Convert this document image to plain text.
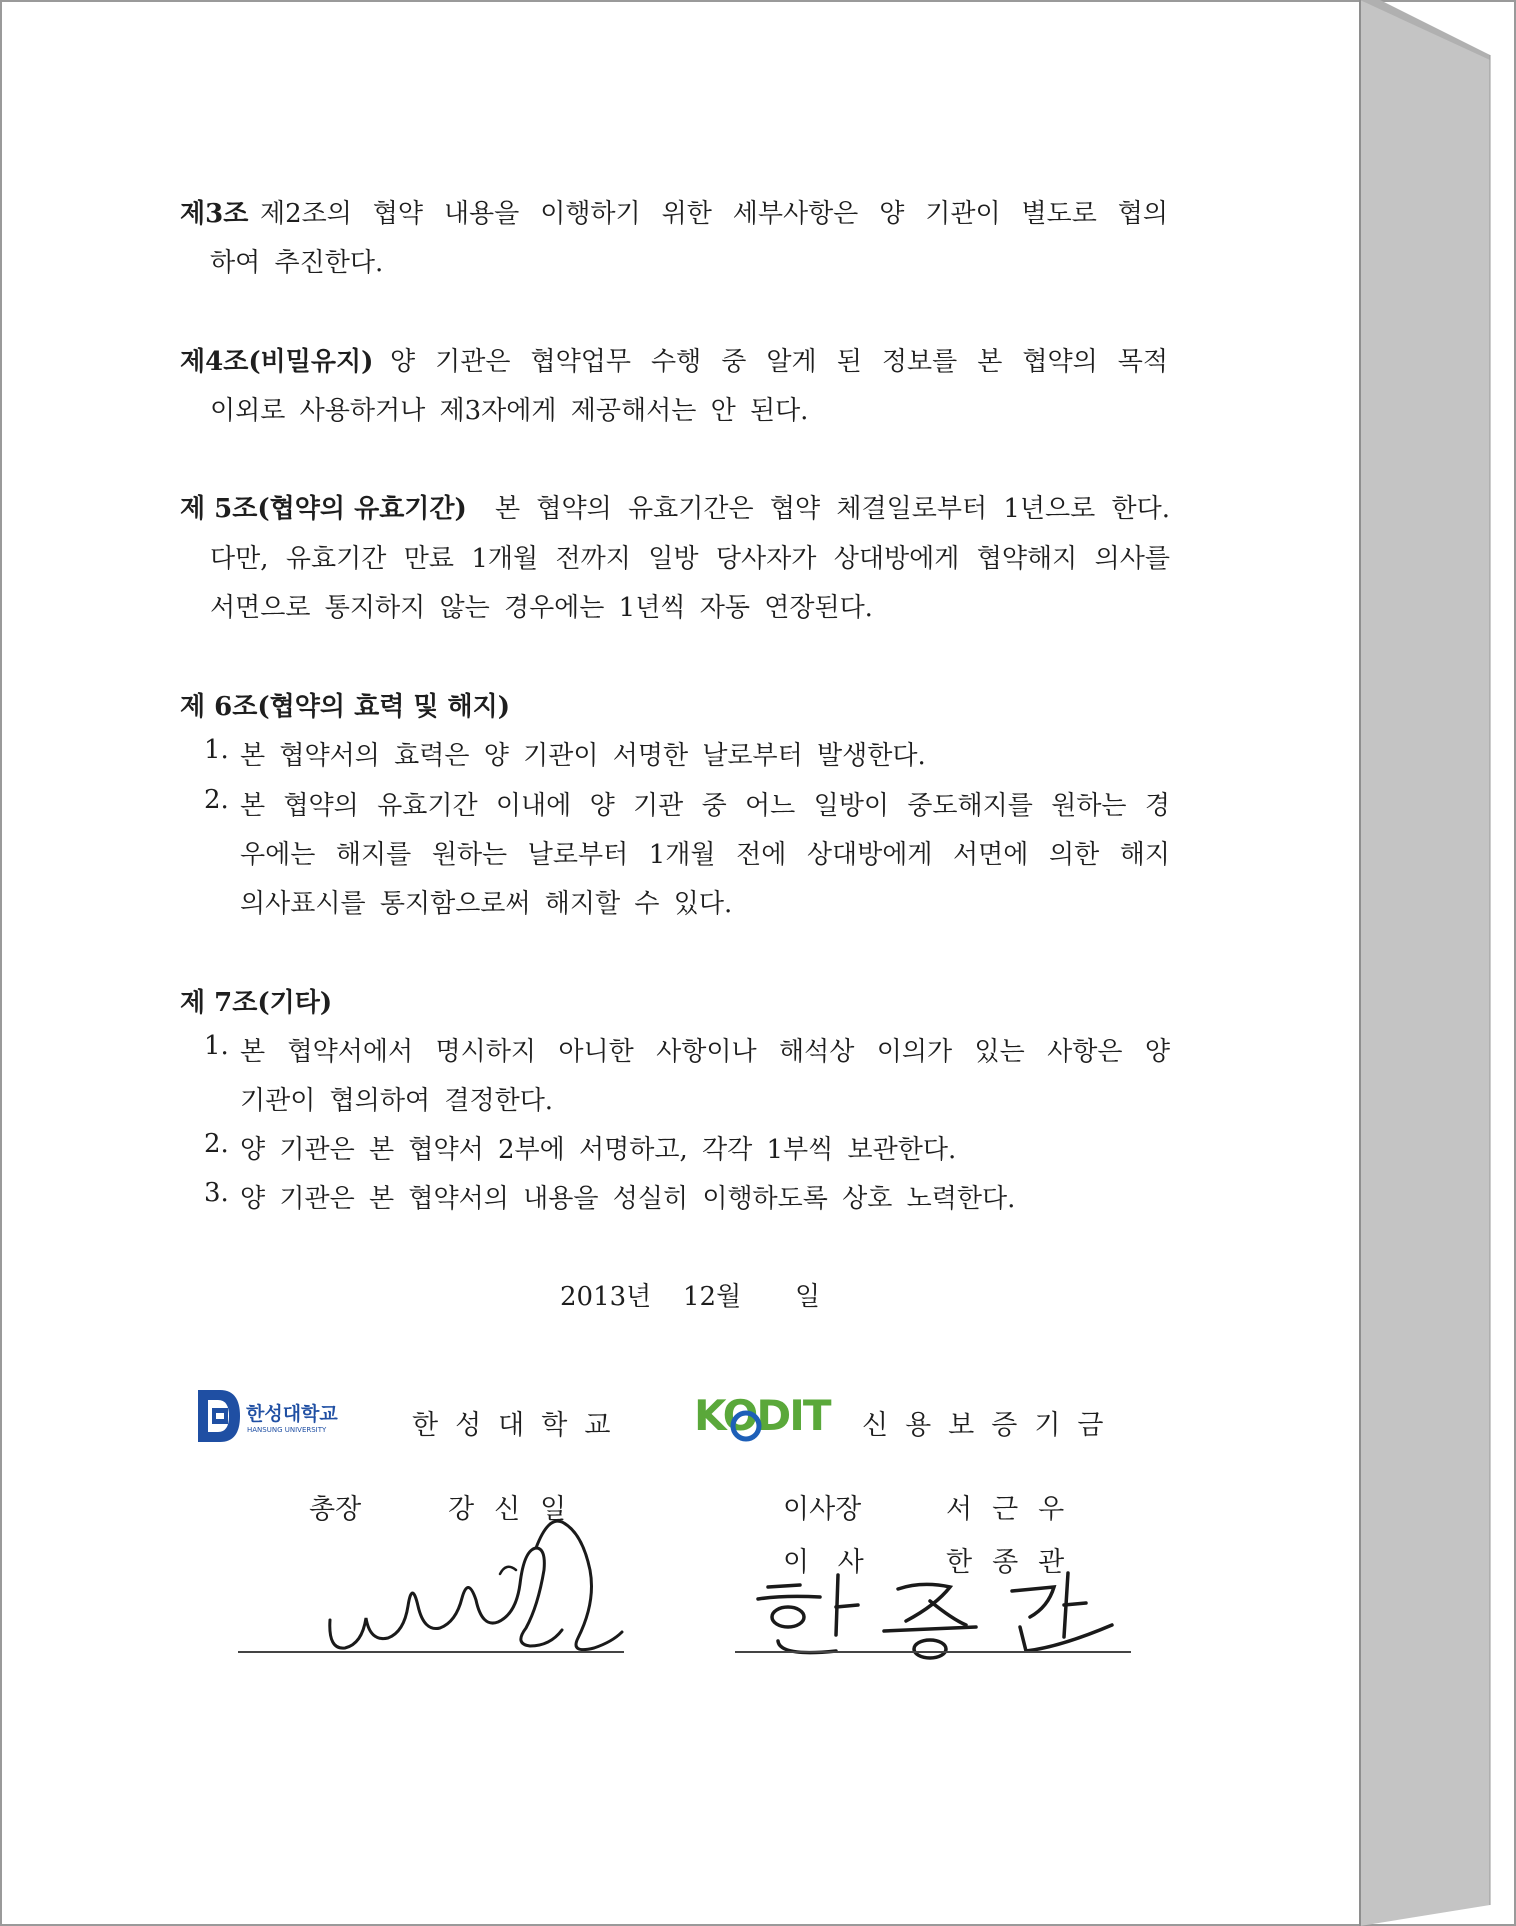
제3조 제2조의 협약 내용을 이행하기 위한 세부사항은 양 기관이 별도로 협의
하여 추진한다.
제4조(비밀유지) 양 기관은 협약업무 수행 중 알게 된 정보를 본 협약의 목적
이외로 사용하거나 제3자에게 제공해서는 안 된다.
제 5조(협약의 유효기간) 본 협약의 유효기간은 협약 체결일로부터 1년으로 한다.
다만, 유효기간 만료 1개월 전까지 일방 당사자가 상대방에게 협약해지 의사를
서면으로 통지하지 않는 경우에는 1년씩 자동 연장된다.
제 6조(협약의 효력 및 해지)
1. 본 협약서의 효력은 양 기관이 서명한 날로부터 발생한다.
2. 본 협약의 유효기간 이내에 양 기관 중 어느 일방이 중도해지를 원하는 경
우에는 해지를 원하는 날로부터 1개월 전에 상대방에게 서면에 의한 해지
의사표시를 통지함으로써 해지할 수 있다.
제 7조(기타)
1. 본 협약서에서 명시하지 아니한 사항이나 해석상 이의가 있는 사항은 양
기관이 협의하여 결정한다.
2. 양 기관은 본 협약서 2부에 서명하고, 각각 1부씩 보관한다.
3. 양 기관은 본 협약서의 내용을 성실히 이행하도록 상호 노력한다.
2013년 12월 일
한성대학교
HANSUNG UNIVERSITY	한성대학교
총장	강신일
KODIT 신용보증기금
이사장	서근우
이 사	한종관
